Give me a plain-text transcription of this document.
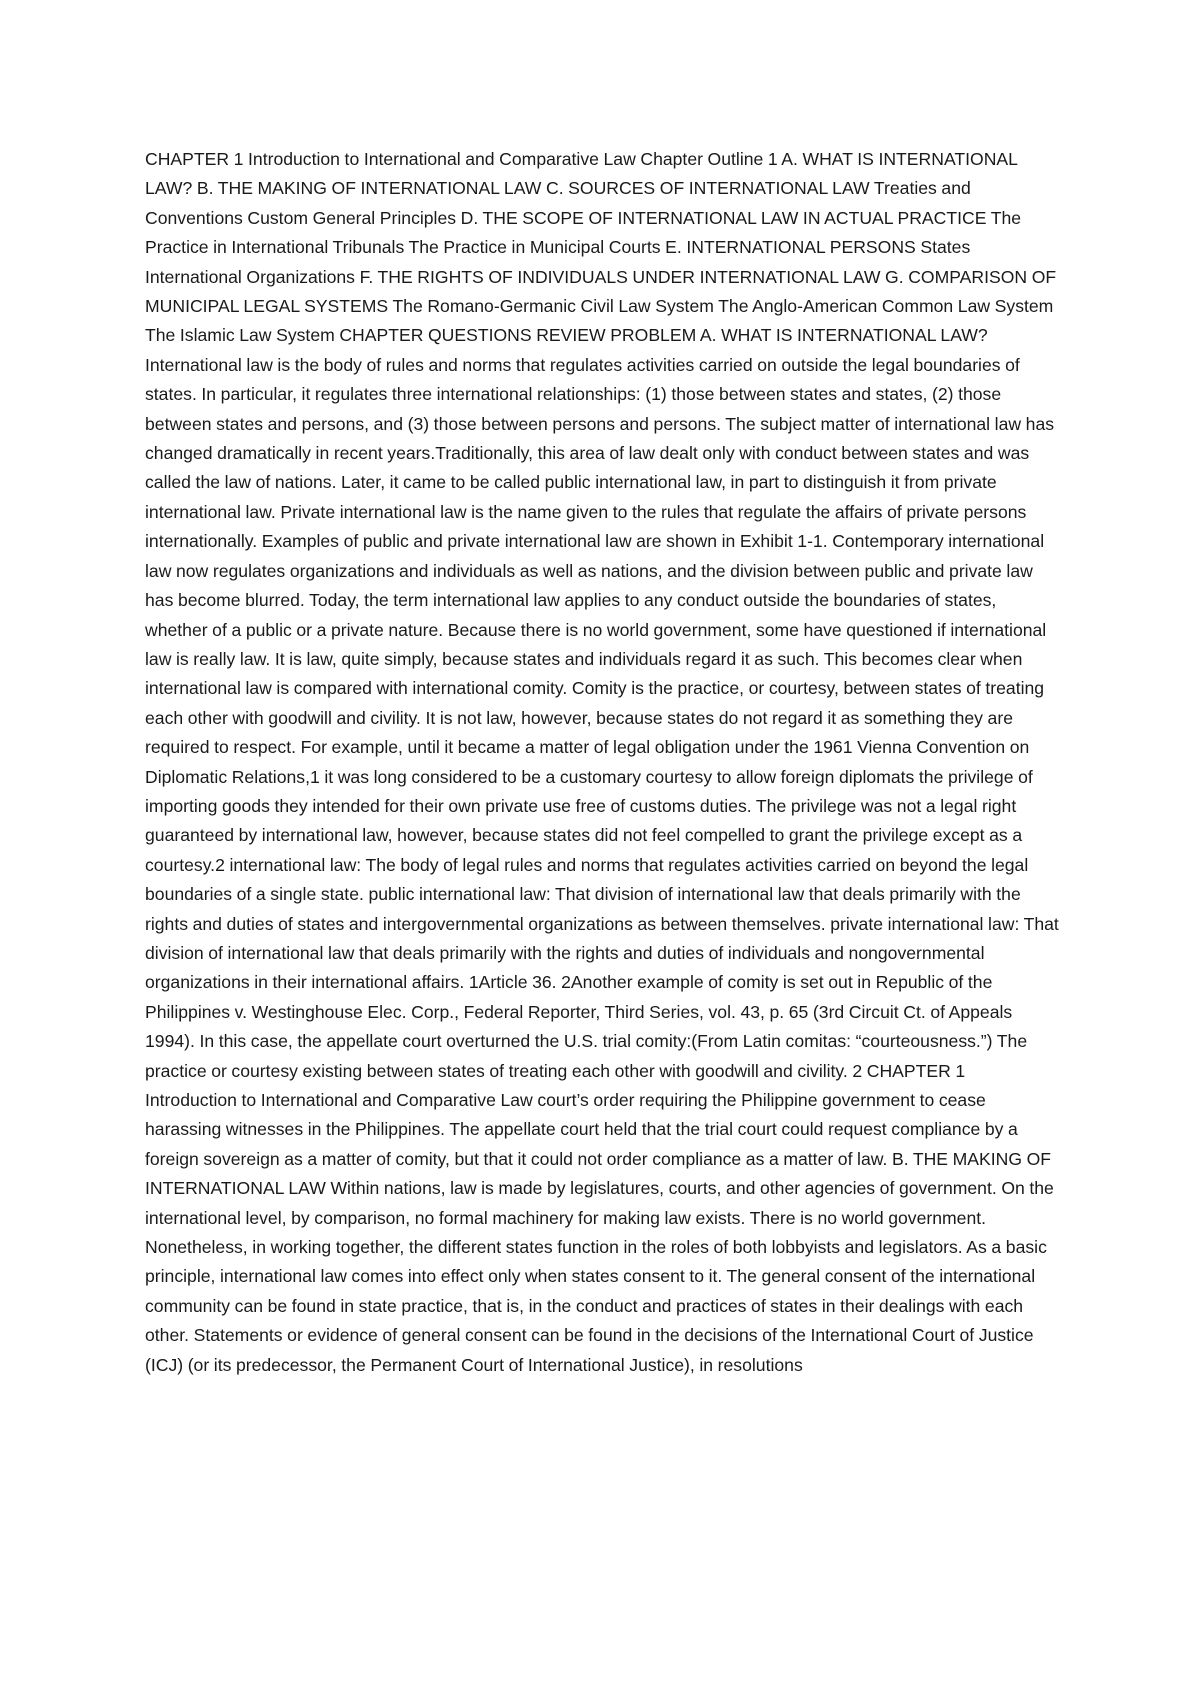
CHAPTER 1 Introduction to International and Comparative Law Chapter Outline 1 A. WHAT IS INTERNATIONAL LAW? B. THE MAKING OF INTERNATIONAL LAW C. SOURCES OF INTERNATIONAL LAW Treaties and Conventions Custom General Principles D. THE SCOPE OF INTERNATIONAL LAW IN ACTUAL PRACTICE The Practice in International Tribunals The Practice in Municipal Courts E. INTERNATIONAL PERSONS States International Organizations F. THE RIGHTS OF INDIVIDUALS UNDER INTERNATIONAL LAW G. COMPARISON OF MUNICIPAL LEGAL SYSTEMS The Romano-Germanic Civil Law System The Anglo-American Common Law System The Islamic Law System CHAPTER QUESTIONS REVIEW PROBLEM A. WHAT IS INTERNATIONAL LAW? International law is the body of rules and norms that regulates activities carried on outside the legal boundaries of states. In particular, it regulates three international relationships: (1) those between states and states, (2) those between states and persons, and (3) those between persons and persons. The subject matter of international law has changed dramatically in recent years.Traditionally, this area of law dealt only with conduct between states and was called the law of nations. Later, it came to be called public international law, in part to distinguish it from private international law. Private international law is the name given to the rules that regulate the affairs of private persons internationally. Examples of public and private international law are shown in Exhibit 1-1. Contemporary international law now regulates organizations and individuals as well as nations, and the division between public and private law has become blurred. Today, the term international law applies to any conduct outside the boundaries of states, whether of a public or a private nature. Because there is no world government, some have questioned if international law is really law. It is law, quite simply, because states and individuals regard it as such. This becomes clear when international law is compared with international comity. Comity is the practice, or courtesy, between states of treating each other with goodwill and civility. It is not law, however, because states do not regard it as something they are required to respect. For example, until it became a matter of legal obligation under the 1961 Vienna Convention on Diplomatic Relations,1 it was long considered to be a customary courtesy to allow foreign diplomats the privilege of importing goods they intended for their own private use free of customs duties. The privilege was not a legal right guaranteed by international law, however, because states did not feel compelled to grant the privilege except as a courtesy.2 international law: The body of legal rules and norms that regulates activities carried on beyond the legal boundaries of a single state. public international law: That division of international law that deals primarily with the rights and duties of states and intergovernmental organizations as between themselves. private international law: That division of international law that deals primarily with the rights and duties of individuals and nongovernmental organizations in their international affairs. 1Article 36. 2Another example of comity is set out in Republic of the Philippines v. Westinghouse Elec. Corp., Federal Reporter, Third Series, vol. 43, p. 65 (3rd Circuit Ct. of Appeals 1994). In this case, the appellate court overturned the U.S. trial comity:(From Latin comitas: “courteousness.”) The practice or courtesy existing between states of treating each other with goodwill and civility. 2 CHAPTER 1 Introduction to International and Comparative Law court’s order requiring the Philippine government to cease harassing witnesses in the Philippines. The appellate court held that the trial court could request compliance by a foreign sovereign as a matter of comity, but that it could not order compliance as a matter of law. B. THE MAKING OF INTERNATIONAL LAW Within nations, law is made by legislatures, courts, and other agencies of government. On the international level, by comparison, no formal machinery for making law exists. There is no world government. Nonetheless, in working together, the different states function in the roles of both lobbyists and legislators. As a basic principle, international law comes into effect only when states consent to it. The general consent of the international community can be found in state practice, that is, in the conduct and practices of states in their dealings with each other. Statements or evidence of general consent can be found in the decisions of the International Court of Justice (ICJ) (or its predecessor, the Permanent Court of International Justice), in resolutions
